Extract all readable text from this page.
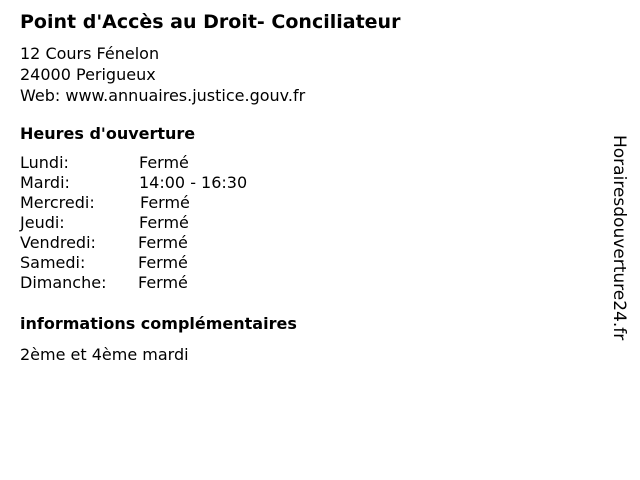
Point d'Accès au Droit- Conciliateur
12 Cours Fénelon
24000 Perigueux
Web: www.annuaires.justice.gouv.fr
Heures d'ouverture
Lundi:	Fermé
Mardi:	14:00 - 16:30
Mercredi:	Fermé
Jeudi:	Fermé
Vendredi:	Fermé
Samedi:	Fermé
Dimanche: Fermé
informations complémentaires
2ème et 4ème mardi
Horairesdouverture24.fr
